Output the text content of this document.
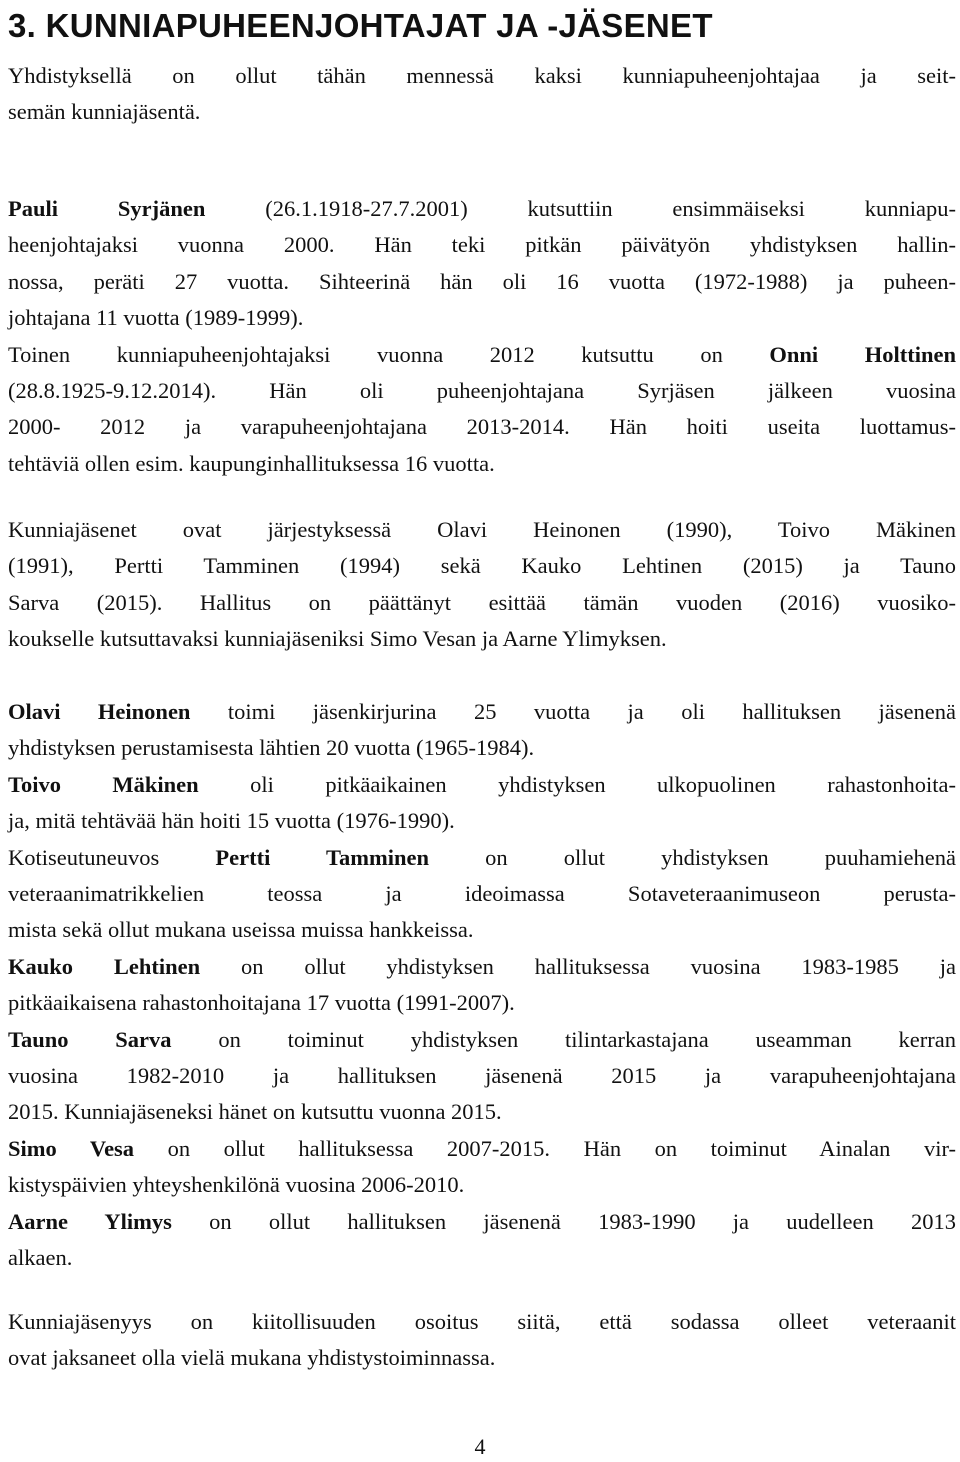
3. KUNNIAPUHEENJOHTAJAT JA -JÄSENET

Yhdistyksellä on ollut tähän mennessä kaksi kunniapuheenjohtajaa ja seit-
semän kunniajäsentä.

Pauli Syrjänen (26.1.1918-27.7.2001) kutsuttiin ensimmäiseksi kunniapu-
heenjohtajaksi vuonna 2000. Hän teki pitkän päivätyön yhdistyksen hallin-
nossa, peräti 27 vuotta. Sihteerinä hän oli 16 vuotta (1972-1988) ja puheen-
johtajana 11 vuotta (1989-1999).
Toinen kunniapuheenjohtajaksi vuonna 2012 kutsuttu on Onni Holttinen
(28.8.1925-9.12.2014). Hän oli puheenjohtajana Syrjäsen jälkeen vuosina
2000- 2012 ja varapuheenjohtajana 2013-2014. Hän hoiti useita luottamus-
tehtäviä ollen esim. kaupunginhallituksessa 16 vuotta.

Kunniajäsenet ovat järjestyksessä Olavi Heinonen (1990), Toivo Mäkinen
(1991), Pertti Tamminen (1994) sekä Kauko Lehtinen (2015) ja Tauno
Sarva (2015). Hallitus on päättänyt esittää tämän vuoden (2016) vuosiko-
koukselle kutsuttavaksi kunniajäseniksi Simo Vesan ja Aarne Ylimyksen.

Olavi Heinonen toimi jäsenkirjurina 25 vuotta ja oli hallituksen jäsenenä
yhdistyksen perustamisesta lähtien 20 vuotta (1965-1984).
Toivo Mäkinen oli pitkäaikainen yhdistyksen ulkopuolinen rahastonhoita-
ja, mitä tehtävää hän hoiti 15 vuotta (1976-1990).
Kotiseutuneuvos Pertti Tamminen on ollut yhdistyksen puuhamiehenä
veteraanimatrikkelien teossa ja ideoimassa Sotaveteraanimuseon perusta-
mista sekä ollut mukana useissa muissa hankkeissa.
Kauko Lehtinen on ollut yhdistyksen hallituksessa vuosina 1983-1985 ja
pitkäaikaisena rahastonhoitajana 17 vuotta (1991-2007).
Tauno Sarva on toiminut yhdistyksen tilintarkastajana useamman kerran
vuosina 1982-2010 ja hallituksen jäsenenä 2015 ja varapuheenjohtajana
2015. Kunniajäseneksi hänet on kutsuttu vuonna 2015.
Simo Vesa on ollut hallituksessa 2007-2015. Hän on toiminut Ainalan vir-
kistyspäivien yhteyshenkilönä vuosina 2006-2010.
Aarne Ylimys on ollut hallituksen jäsenenä 1983-1990 ja uudelleen 2013
alkaen.

Kunniajäsenyys on kiitollisuuden osoitus siitä, että sodassa olleet veteraanit
ovat jaksaneet olla vielä mukana yhdistystoiminnassa.

4
